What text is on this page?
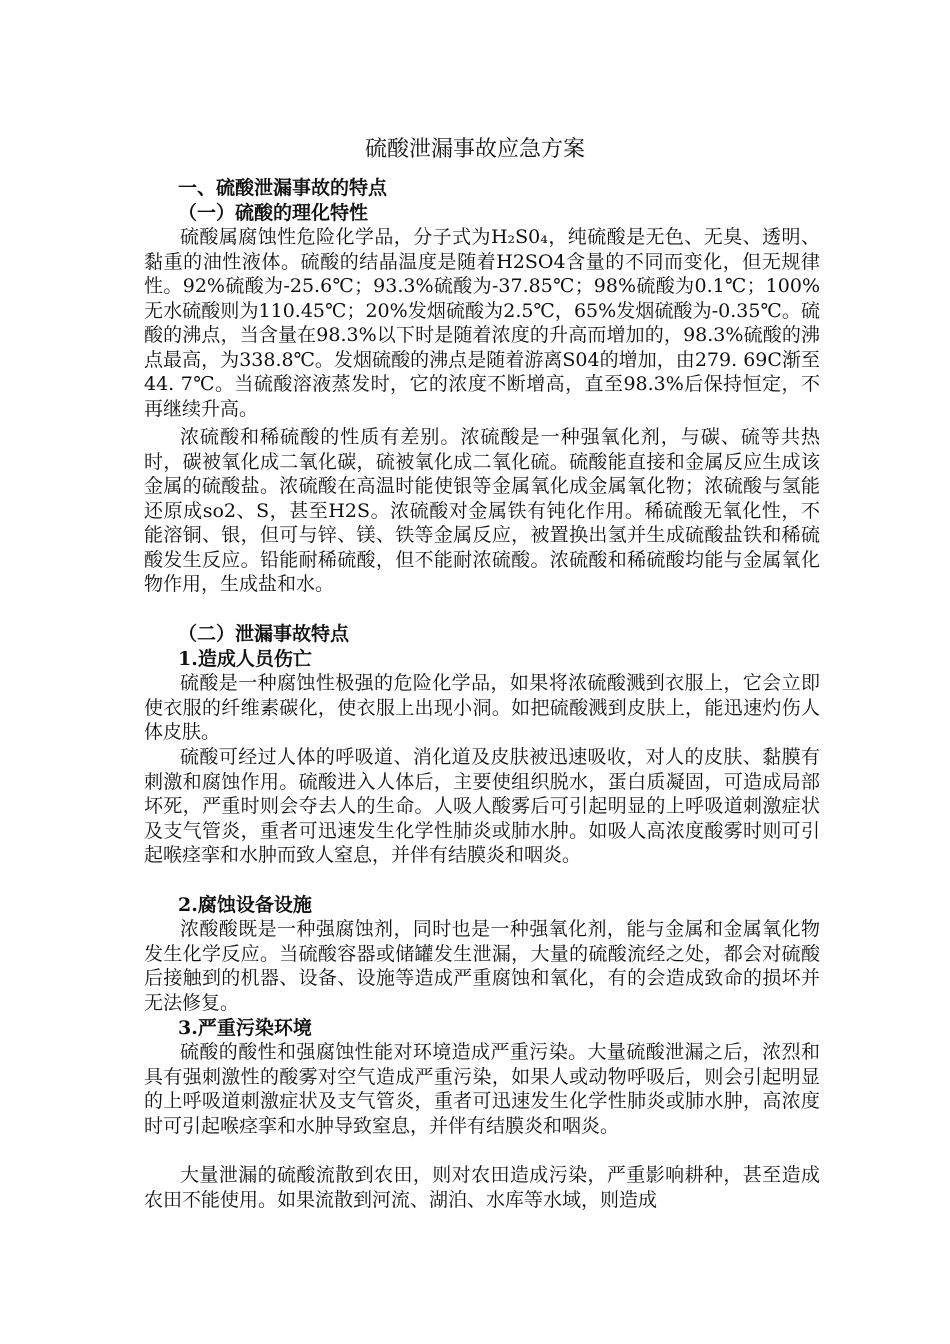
硫酸泄漏事故应急方案
一、硫酸泄漏事故的特点
（一）硫酸的理化特性

硫酸属腐蚀性危险化学品，分子式为H₂S0₄，纯硫酸是无色、无臭、透明、黏重的油性液体。硫酸的结晶温度是随着H2SO4含量的不同而变化，但无规律性。92%硫酸为-25.6℃；93.3%硫酸为-37.85℃；98%硫酸为0.1℃；100%无水硫酸则为110.45℃；20%发烟硫酸为2.5℃，65%发烟硫酸为-0.35℃。硫酸的沸点，当含量在98.3%以下时是随着浓度的升高而增加的，98.3%硫酸的沸点最高，为338.8℃。发烟硫酸的沸点是随着游离S04的增加，由279. 69C渐至44. 7℃。当硫酸溶液蒸发时，它的浓度不断增高，直至98.3%后保持恒定，不再继续升高。

浓硫酸和稀硫酸的性质有差别。浓硫酸是一种强氧化剂，与碳、硫等共热时，碳被氧化成二氧化碳，硫被氧化成二氧化硫。硫酸能直接和金属反应生成该金属的硫酸盐。浓硫酸在高温时能使银等金属氧化成金属氧化物；浓硫酸与氢能还原成so2、S，甚至H2S。浓硫酸对金属铁有钝化作用。稀硫酸无氧化性，不能溶铜、银，但可与锌、镁、铁等金属反应，被置换出氢并生成硫酸盐铁和稀硫酸发生反应。铅能耐稀硫酸，但不能耐浓硫酸。浓硫酸和稀硫酸均能与金属氧化物作用，生成盐和水。

（二）泄漏事故特点
1.造成人员伤亡

硫酸是一种腐蚀性极强的危险化学品，如果将浓硫酸溅到衣服上，它会立即使衣服的纤维素碳化，使衣服上出现小洞。如把硫酸溅到皮肤上，能迅速灼伤人体皮肤。

硫酸可经过人体的呼吸道、消化道及皮肤被迅速吸收，对人的皮肤、黏膜有刺激和腐蚀作用。硫酸进入人体后，主要使组织脱水，蛋白质凝固，可造成局部坏死，严重时则会夺去人的生命。人吸人酸雾后可引起明显的上呼吸道刺激症状及支气管炎，重者可迅速发生化学性肺炎或肺水肿。如吸人高浓度酸雾时则可引起喉痉挛和水肿而致人窒息，并伴有结膜炎和咽炎。

2.腐蚀设备设施

浓酸酸既是一种强腐蚀剂，同时也是一种强氧化剂，能与金属和金属氧化物发生化学反应。当硫酸容器或储罐发生泄漏，大量的硫酸流经之处，都会对硫酸后接触到的机器、设备、设施等造成严重腐蚀和氧化，有的会造成致命的损坏并无法修复。

3.严重污染环境

硫酸的酸性和强腐蚀性能对环境造成严重污染。大量硫酸泄漏之后，浓烈和具有强刺激性的酸雾对空气造成严重污染，如果人或动物呼吸后，则会引起明显的上呼吸道刺激症状及支气管炎，重者可迅速发生化学性肺炎或肺水肿，高浓度时可引起喉痉挛和水肿导致窒息，并伴有结膜炎和咽炎。

大量泄漏的硫酸流散到农田，则对农田造成污染，严重影响耕种，甚至造成农田不能使用。如果流散到河流、湖泊、水库等水域，则造成
